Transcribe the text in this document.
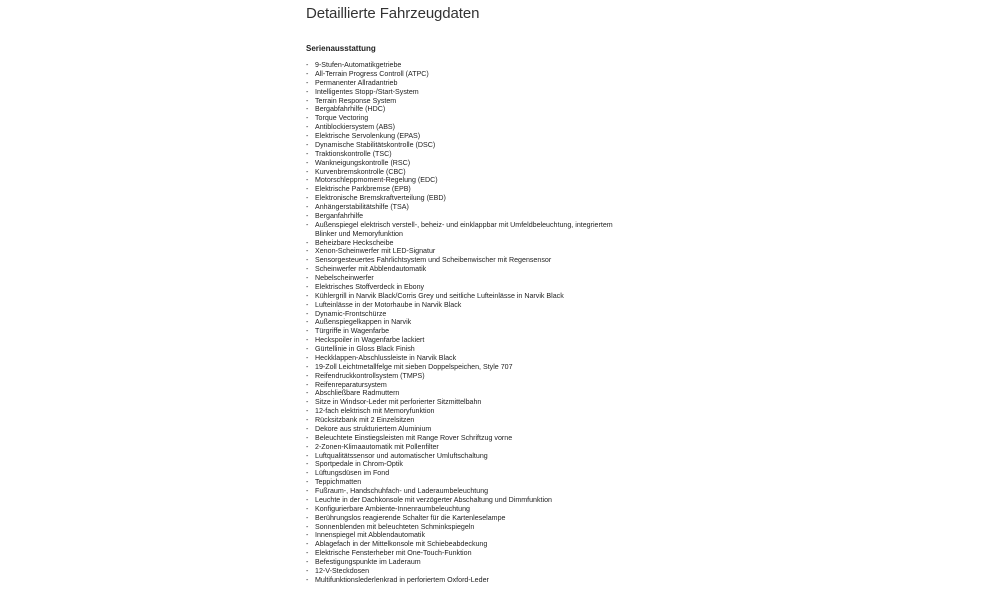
Detaillierte Fahrzeugdaten
Serienausstattung
- 9-Stufen-Automatikgetriebe
- All-Terrain Progress Controll (ATPC)
- Permanenter Allradantrieb
- Intelligentes Stopp-/Start-System
- Terrain Response System
- Bergabfahrhilfe (HDC)
- Torque Vectoring
- Antiblockiersystem (ABS)
- Elektrische Servolenkung (EPAS)
- Dynamische Stabilitätskontrolle (DSC)
- Traktionskontrolle (TSC)
- Wankneigungskontrolle (RSC)
- Kurvenbremskontrolle (CBC)
- Motorschleppmoment-Regelung (EDC)
- Elektrische Parkbremse (EPB)
- Elektronische Bremskraftverteilung (EBD)
- Anhängerstabilitätshilfe (TSA)
- Berganfahrhilfe
- Außenspiegel elektrisch verstell-, beheiz- und einklappbar mit Umfeldbeleuchtung, integriertem Blinker und Memoryfunktion
- Beheizbare Heckscheibe
- Xenon-Scheinwerfer mit LED-Signatur
- Sensorgesteuertes Fahrlichtsystem und Scheibenwischer mit Regensensor
- Scheinwerfer mit Abblendautomatik
- Nebelscheinwerfer
- Elektrisches Stoffverdeck in Ebony
- Kühlergrill in Narvik Black/Corris Grey und seitliche Lufteinlässe in Narvik Black
- Lufteinlässe in der Motorhaube in Narvik Black
- Dynamic-Frontschürze
- Außenspiegelkappen in Narvik
- Türgriffe in Wagenfarbe
- Heckspoiler in Wagenfarbe lackiert
- Gürtellinie in Gloss Black Finish
- Heckklappen-Abschlussleiste in Narvik Black
- 19-Zoll Leichtmetallfelge mit sieben Doppelspeichen, Style 707
- Reifendruckkontrollsystem (TMPS)
- Reifenreparatursystem
- Abschließbare Radmuttern
- Sitze in Windsor-Leder mit perforierter Sitzmittelbahn
- 12-fach elektrisch mit Memoryfunktion
- Rücksitzbank mit 2 Einzelsitzen
- Dekore aus strukturiertem Aluminium
- Beleuchtete Einstiegsleisten mit Range Rover Schriftzug vorne
- 2-Zonen-Klimaautomatik mit Pollenfilter
- Luftqualitätssensor und automatischer Umluftschaltung
- Sportpedale in Chrom-Optik
- Lüftungsdüsen im Fond
- Teppichmatten
- Fußraum-, Handschuhfach- und Laderaumbeleuchtung
- Leuchte in der Dachkonsole mit verzögerter Abschaltung und Dimmfunktion
- Konfigurierbare Ambiente-Innenraumbeleuchtung
- Berührungslos reagierende Schalter für die Kartenleselampe
- Sonnenblenden mit beleuchteten Schminkspiegeln
- Innenspiegel mit Abblendautomatik
- Ablagefach in der Mittelkonsole mit Schiebeabdeckung
- Elektrische Fensterheber mit One-Touch-Funktion
- Befestigungspunkte im Laderaum
- 12-V-Steckdosen
- Multifunktionslederlenkrad in perforiertem Oxford-Leder
